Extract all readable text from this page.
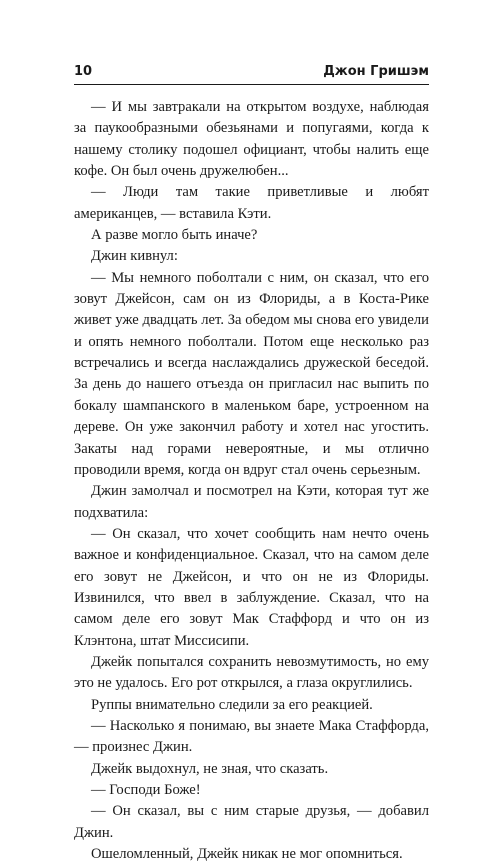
10	Джон Гришэм

— И мы завтракали на открытом воздухе, наблюдая за паукообразными обезьянами и попугаями, когда к нашему столику подошел официант, чтобы налить еще кофе. Он был очень дружелюбен...

— Люди там такие приветливые и любят американцев, — вставила Кэти.

А разве могло быть иначе?

Джин кивнул:

— Мы немного поболтали с ним, он сказал, что его зовут Джейсон, сам он из Флориды, а в Коста-Рике живет уже двадцать лет. За обедом мы снова его увидели и опять немного поболтали. Потом еще несколько раз встречались и всегда наслаждались дружеской беседой. За день до нашего отъезда он пригласил нас выпить по бокалу шампанского в маленьком баре, устроенном на дереве. Он уже закончил работу и хотел нас угостить. Закаты над горами невероятные, и мы отлично проводили время, когда он вдруг стал очень серьезным.

Джин замолчал и посмотрел на Кэти, которая тут же подхватила:

— Он сказал, что хочет сообщить нам нечто очень важное и конфиденциальное. Сказал, что на самом деле его зовут не Джейсон, и что он не из Флориды. Извинился, что ввел в заблуждение. Сказал, что на самом деле его зовут Мак Стаффорд и что он из Клэнтона, штат Миссисипи.

Джейк попытался сохранить невозмутимость, но ему это не удалось. Его рот открылся, а глаза округлились.

Руппы внимательно следили за его реакцией.

— Насколько я понимаю, вы знаете Мака Стаффорда, — произнес Джин.

Джейк выдохнул, не зная, что сказать.

— Господи Боже!

— Он сказал, вы с ним старые друзья, — добавил Джин.

Ошеломленный, Джейк никак не мог опомниться.
